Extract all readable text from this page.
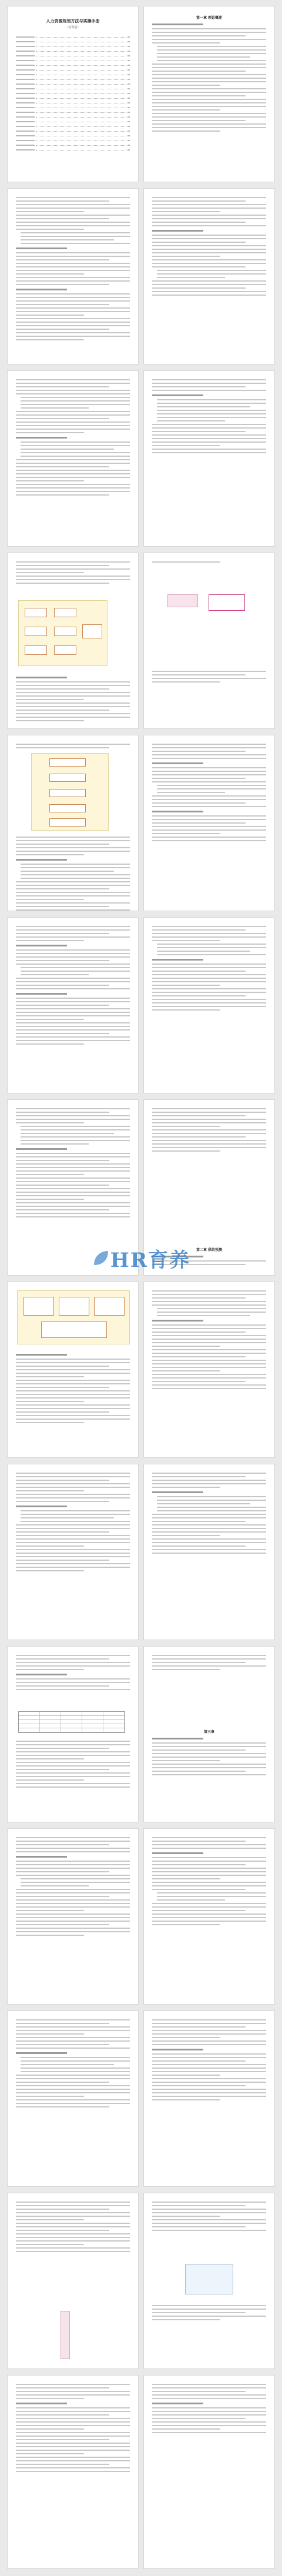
人力资源规划方法与实操手册
（培训版）
第一章 理论概述
第二章 供给预测
第三章
HR育养
